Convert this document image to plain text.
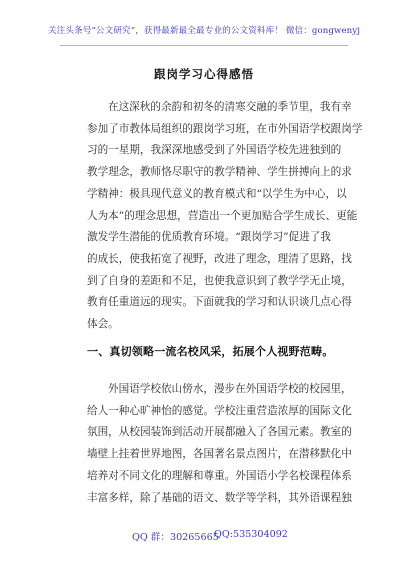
关注头条号“公文研究”，获得最新最全最专业的公文资料库！ 微信：gongwenyj
跟岗学习心得感悟
在这深秋的余韵和初冬的清寒交融的季节里，我有幸
参加了市教体局组织的跟岗学习班，在市外国语学校跟岗学
习的一星期，我深深地感受到了外国语学校先进独到的
教学理念，教师恪尽职守的教学精神、学生拼搏向上的求
学精神：极具现代意义的教育模式和“以学生为中心，以
人为本”的理念思想，营造出一个更加贴合学生成长、更能
激发学生潜能的优质教育环境。“跟岗学习”促进了我
的成长，使我拓宽了视野，改进了理念，理清了思路，找
到了自身的差距和不足，也使我意识到了教学学无止境，
教育任重道远的现实。下面就我的学习和认识谈几点心得
体会。
一、真切领略一流名校风采，拓展个人视野范畴。
外国语学校依山傍水，漫步在外国语学校的校园里，
给人一种心旷神怡的感觉。学校注重营造浓厚的国际文化
氛围，从校园装饰到活动开展都融入了各国元素。教室的
墙壁上挂着世界地图，各国著名景点图片，在潜移默化中
培养对不同文化的理解和尊重。外国语小学名校课程体系
丰富多样，除了基础的语文、数学等学科，其外语课程独
QQ 群：30265665
QQ:535304092
